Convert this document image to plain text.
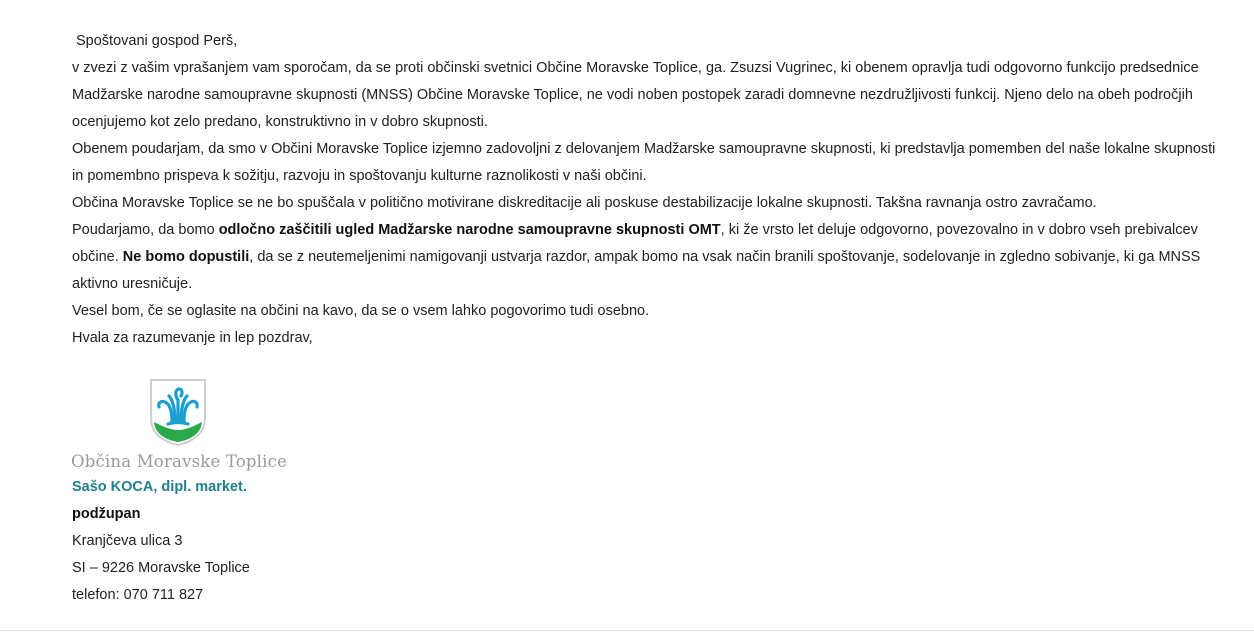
Spoštovani gospod Perš,

v zvezi z vašim vprašanjem vam sporočam, da se proti občinski svetnici Občine Moravske Toplice, ga. Zsuzsi Vugrinec, ki obenem opravlja tudi odgovorno funkcijo predsednice Madžarske narodne samoupravne skupnosti (MNSS) Občine Moravske Toplice, ne vodi noben postopek zaradi domnevne nezdružljivosti funkcij. Njeno delo na obeh področjih ocenjujemo kot zelo predano, konstruktivno in v dobro skupnosti.

Obenem poudarjam, da smo v Občini Moravske Toplice izjemno zadovoljni z delovanjem Madžarske samoupravne skupnosti, ki predstavlja pomemben del naše lokalne skupnosti in pomembno prispeva k sožitju, razvoju in spoštovanju kulturne raznolikosti v naši občini.

Občina Moravske Toplice se ne bo spuščala v politično motivirane diskreditacije ali poskuse destabilizacije lokalne skupnosti. Takšna ravnanja ostro zavračamo.

Poudarjamo, da bomo odločno zaščitili ugled Madžarske narodne samoupravne skupnosti OMT, ki že vrsto let deluje odgovorno, povezovalno in v dobro vseh prebivalcev občine. Ne bomo dopustili, da se z neutemeljenimi namigovanji ustvarja razdor, ampak bomo na vsak način branili spoštovanje, sodelovanje in zgledno sobivanje, ki ga MNSS aktivno uresničuje.

Vesel bom, če se oglasite na občini na kavo, da se o vsem lahko pogovorimo tudi osebno.

Hvala za razumevanje in lep pozdrav,

Občina Moravske Toplice
Sašo KOCA, dipl. market.
podžupan
Kranjčeva ulica 3
SI – 9226 Moravske Toplice
telefon: 070 711 827
